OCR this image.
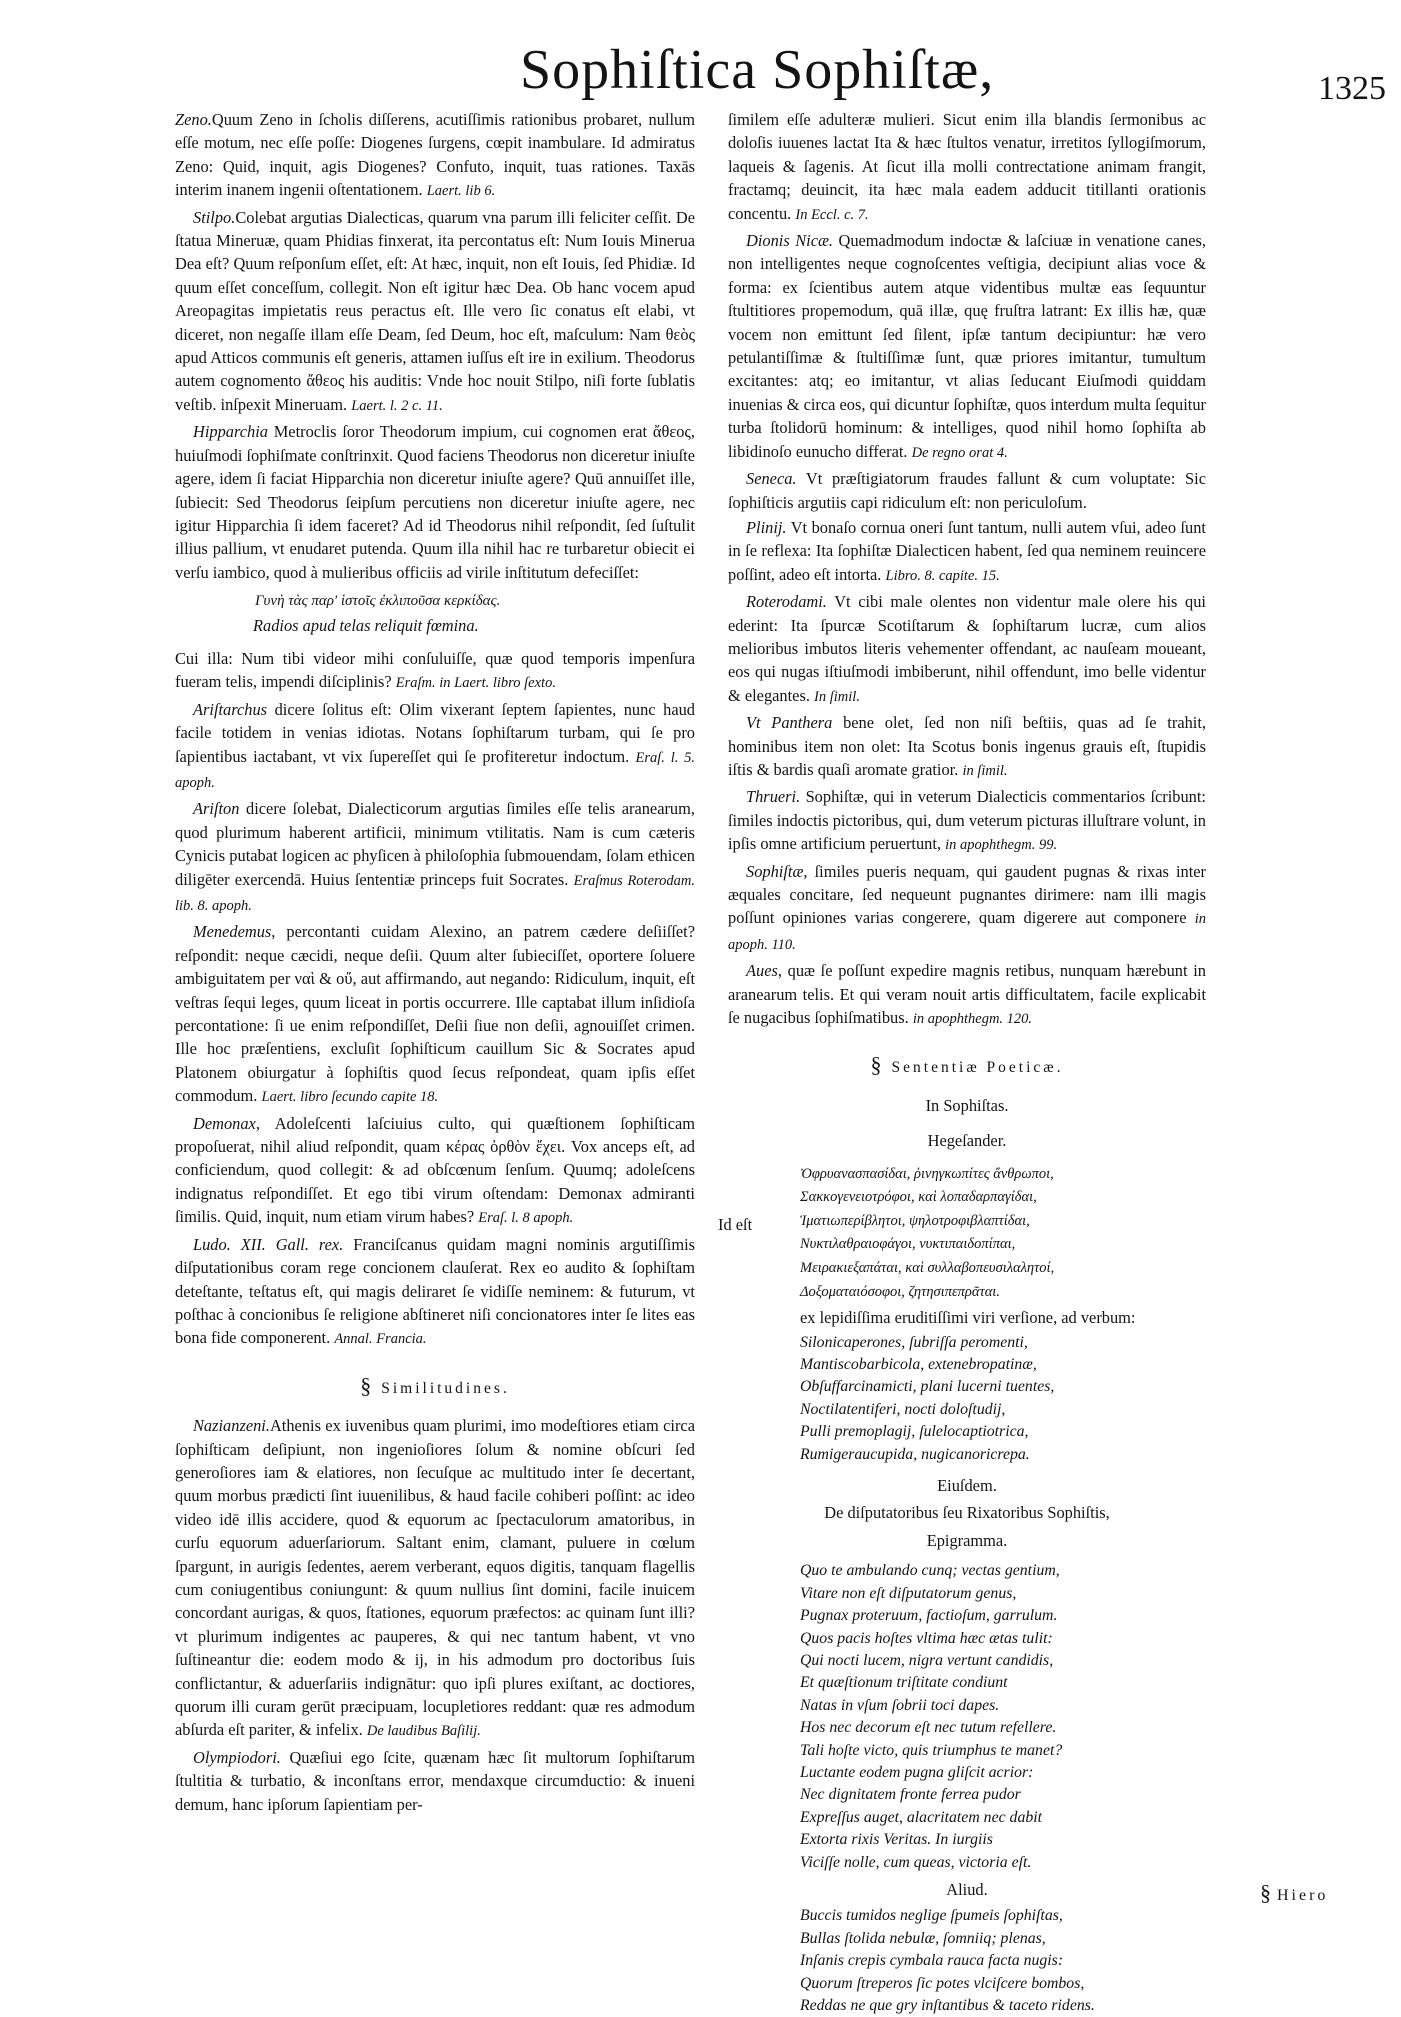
Sophiſtica Sophiſtæ,	1325

Zeno.Quum Zeno in ſcholis diſſerens, acutiſſimis rationibus probaret, nullum eſſe motum, nec eſſe poſſe: Diogenes ſurgens, cœpit inambulare. Id admiratus Zeno: Quid, inquit, agis Diogenes? Confuto, inquit, tuas rationes. Taxās interim inanem ingenii oſtentationem. Laert. lib 6.

Stilpo.Colebat argutias Dialecticas, quarum vna parum illi feliciter ceſſit. De ſtatua Mineruæ, quam Phidias finxerat, ita percontatus eſt: Num Iouis Minerua Dea eſt? Quum reſponſum eſſet, eſt: At hæc, inquit, non eſt Iouis, ſed Phidiæ. Id quum eſſet conceſſum, collegit. Non eſt igitur hæc Dea. Ob hanc vocem apud Areopagitas impietatis reus peractus eſt. Ille vero ſic conatus eſt elabi, vt diceret, non negaſſe illam eſſe Deam, ſed Deum, hoc eſt, maſculum: Nam θεὸς apud Atticos communis eſt generis, attamen iuſſus eſt ire in exilium. Theodorus autem cognomento ἄθεος his auditis: Vnde hoc nouit Stilpo, niſi forte ſublatis veſtib. inſpexit Mineruam. Laert. l. 2 c. 11.

Hipparchia Metroclis ſoror Theodorum impium, cui cognomen erat ἄθεος, huiuſmodi ſophiſmate conſtrinxit. Quod faciens Theodorus non diceretur iniuſte agere, idem ſi faciat Hipparchia non diceretur iniuſte agere? Quū annuiſſet ille, ſubiecit: Sed Theodorus ſeipſum percutiens non diceretur iniuſte agere, nec igitur Hipparchia ſi idem faceret? Ad id Theodorus nihil reſpondit, ſed ſuſtulit illius pallium, vt enudaret putenda. Quum illa nihil hac re turbaretur obiecit ei verſu iambico, quod à mulieribus officiis ad virile inſtitutum defeciſſet:

Γυνὴ τὰς παρ' ἱστοῖς ἐκλιποῦσα κερκίδας.

Radios apud telas reliquit fœmina.

Cui illa: Num tibi videor mihi conſuluiſſe, quæ quod temporis impenſura fueram telis, impendi diſciplinis? Eraſm. in Laert. libro ſexto.

Ariſtarchus dicere ſolitus eſt: Olim vixerant ſeptem ſapientes, nunc haud facile totidem in venias idiotas. Notans ſophiſtarum turbam, qui ſe pro ſapientibus iactabant, vt vix ſupereſſet qui ſe profiteretur indoctum. Eraſ. l. 5. apoph.

Ariſton dicere ſolebat, Dialecticorum argutias ſimiles eſſe telis aranearum, quod plurimum haberent artificii, minimum vtilitatis. Nam is cum cæteris Cynicis putabat logicen ac phyſicen à philoſophia ſubmouendam, ſolam ethicen diligēter exercendā. Huius ſententiæ princeps fuit Socrates. Eraſmus Roterodam. lib. 8. apoph.

Menedemus, percontanti cuidam Alexino, an patrem cædere deſiiſſet? reſpondit: neque cæcidi, neque deſii. Quum alter ſubieciſſet, oportere ſoluere ambiguitatem per ναὶ & οὔ, aut affirmando, aut negando: Ridiculum, inquit, eſt veſtras ſequi leges, quum liceat in portis occurrere. Ille captabat illum inſidioſa percontatione: ſi ue enim reſpondiſſet, Deſii ſiue non deſii, agnouiſſet crimen. Ille hoc præſentiens, excluſit ſophiſticum cauillum Sic & Socrates apud Platonem obiurgatur à ſophiſtis quod ſecus reſpondeat, quam ipſis eſſet commodum. Laert. libro ſecundo capite 18.

Demonax, Adoleſcenti laſciuius culto, qui quæſtionem ſophiſticam propoſuerat, nihil aliud reſpondit, quam κέρας ὀρθὸν ἔχει. Vox anceps eſt, ad conficiendum, quod collegit: & ad obſcœnum ſenſum. Quumq; adoleſcens indignatus reſpondiſſet. Et ego tibi virum oſtendam: Demonax admiranti ſimilis. Quid, inquit, num etiam virum habes? Eraſ. l. 8 apoph.

Ludo. XII. Gall. rex. Franciſcanus quidam magni nominis argutiſſimis diſputationibus coram rege concionem clauſerat. Rex eo audito & ſophiſtam deteſtante, teſtatus eſt, qui magis deliraret ſe vidiſſe neminem: & futurum, vt poſthac à concionibus ſe religione abſtineret niſi concionatores inter ſe lites eas bona fide componerent. Annal. Francia.

§ Similitudines.

Nazianzeni.Athenis ex iuvenibus quam plurimi, imo modeſtiores etiam circa ſophiſticam deſipiunt, non ingenioſiores ſolum & nomine obſcuri ſed generoſiores iam & elatiores, non ſecuſque ac multitudo inter ſe decertant, quum morbus prædicti ſint iuuenilibus, & haud facile cohiberi poſſint: ac ideo video idē illis accidere, quod & equorum ac ſpectaculorum amatoribus, in curſu equorum aduerſariorum. Saltant enim, clamant, puluere in cœlum ſpargunt, in aurigis ſedentes, aerem verberant, equos digitis, tanquam flagellis cum coniugentibus coniungunt: & quum nullius ſint domini, facile inuicem concordant aurigas, & quos, ſtationes, equorum præfectos: ac quinam ſunt illi? vt plurimum indigentes ac pauperes, & qui nec tantum habent, vt vno ſuſtineantur die: eodem modo & ij, in his admodum pro doctoribus ſuis conflictantur, & aduerſariis indignātur: quo ipſi plures exiſtant, ac doctiores, quorum illi curam gerūt præcipuam, locupletiores reddant: quæ res admodum abſurda eſt pariter, & infelix. De laudibus Baſilij.

Olympiodori. Quæſiui ego ſcite, quænam hæc ſit multorum ſophiſtarum ſtultitia & turbatio, & inconſtans error, mendaxque circumductio: & inueni demum, hanc ipſorum ſapientiam per-

ſimilem eſſe adulteræ mulieri. Sicut enim illa blandis ſermonibus ac doloſis iuuenes lactat Ita & hæc ſtultos venatur, irretitos ſyllogiſmorum, laqueis & ſagenis. At ſicut illa molli contrectatione animam frangit, fractamq; deuincit, ita hæc mala eadem adducit titillanti orationis concentu. In Eccl. c. 7.

Dionis Nicæ. Quemadmodum indoctæ & laſciuæ in venatione canes, non intelligentes neque cognoſcentes veſtigia, decipiunt alias voce & forma: ex ſcientibus autem atque videntibus multæ eas ſequuntur ſtultitiores propemodum, quā illæ, quę fruſtra latrant: Ex illis hæ, quæ vocem non emittunt ſed ſilent, ipſæ tantum decipiuntur: hæ vero petulantiſſimæ & ſtultiſſimæ ſunt, quæ priores imitantur, tumultum excitantes: atq; eo imitantur, vt alias ſeducant Eiuſmodi quiddam inuenias & circa eos, qui dicuntur ſophiſtæ, quos interdum multa ſequitur turba ſtolidorū hominum: & intelliges, quod nihil homo ſophiſta ab libidinoſo eunucho differat. De regno orat 4.

Seneca. Vt præſtigiatorum fraudes fallunt & cum voluptate: Sic ſophiſticis argutiis capi ridiculum eſt: non periculoſum.

Plinij. Vt bonaſo cornua oneri ſunt tantum, nulli autem vſui, adeo ſunt in ſe reflexa: Ita ſophiſtæ Dialecticen habent, ſed qua neminem reuincere poſſint, adeo eſt intorta. Libro. 8. capite. 15.

Roterodami. Vt cibi male olentes non videntur male olere his qui ederint: Ita ſpurcæ Scotiſtarum & ſophiſtarum lucræ, cum alios melioribus imbutos literis vehementer offendant, ac nauſeam moueant, eos qui nugas iſtiuſmodi imbiberunt, nihil offendunt, imo belle videntur & elegantes. In ſimil.

Vt Panthera bene olet, ſed non niſi beſtiis, quas ad ſe trahit, hominibus item non olet: Ita Scotus bonis ingenus grauis eſt, ſtupidis iſtis & bardis quaſi aromate gratior. in ſimil.

Thrueri. Sophiſtæ, qui in veterum Dialecticis commentarios ſcribunt: ſimiles indoctis pictoribus, qui, dum veterum picturas illuſtrare volunt, in ipſis omne artificium peruertunt, in apophthegm. 99.

Sophiſtæ, ſimiles pueris nequam, qui gaudent pugnas & rixas inter æquales concitare, ſed nequeunt pugnantes dirimere: nam illi magis poſſunt opiniones varias congerere, quam digerere aut componere in apoph. 110.

Aues, quæ ſe poſſunt expedire magnis retibus, nunquam hærebunt in aranearum telis. Et qui veram nouit artis difficultatem, facile explicabit ſe nugacibus ſophiſmatibus. in apophthegm. 120.

§ Sententiæ Poeticæ.

In Sophiſtas.

Hegeſander.

Ὀφρυανασπασίδαι, ῥινηγκωπίτες ἄνθρωποι,

Σακκογενειοτρόφοι, καὶ λοπαδαρπαγίδαι,

Ἱματιωπερίβλητοι, ψηλοτροφιβλαπτίδαι,

Νυκτιλαθραιοφάγοι, νυκτιπαιδοπίπαι,

Μειρακιεξαπάται, καὶ συλλαβοπευσιλαλητοί,

Δοξοματαιόσοφοι, ζητησιπεπρᾶται.

ex lepidiſſima eruditiſſimi viri verſione, ad verbum:

Silonicaperones, ſubriſſa peromenti,

Mantiscobarbicola, extenebropatinæ,

Obſuffarcinamicti, plani lucerni tuentes,

Noctilatentiferi, nocti doloſtudij,

Pulli premoplagij, ſulelocaptiotrica,

Rumigeraucupida, nugicanoricrepa.

Eiuſdem.

De diſputatoribus ſeu Rixatoribus Sophiſtis,

Epigramma.

Quo te ambulando cunq; vectas gentium,

Vitare non eſt diſputatorum genus,

Pugnax proteruum, factioſum, garrulum.

Quos pacis hoſtes vltima hæc ætas tulit:

Qui nocti lucem, nigra vertunt candidis,

Et quæſtionum triſtitate condiunt

Natas in vſum ſobrii toci dapes.

Hos nec decorum eſt nec tutum refellere.

Tali hoſte victo, quis triumphus te manet?

Luctante eodem pugna gliſcit acrior:

Nec dignitatem fronte ferrea pudor

Expreſſus auget, alacritatem nec dabit

Extorta rixis Veritas. In iurgiis

Viciſſe nolle, cum queas, victoria eſt.

Aliud.

Buccis tumidos neglige ſpumeis ſophiſtas,

Bullas ſtolida nebulæ, ſomniiq; plenas,

Inſanis crepis cymbala rauca facta nugis:

Quorum ſtreperos ſic potes vlciſcere bombos,

Reddas ne que gry inſtantibus & taceto ridens.

Id eſt
§ Hiero
